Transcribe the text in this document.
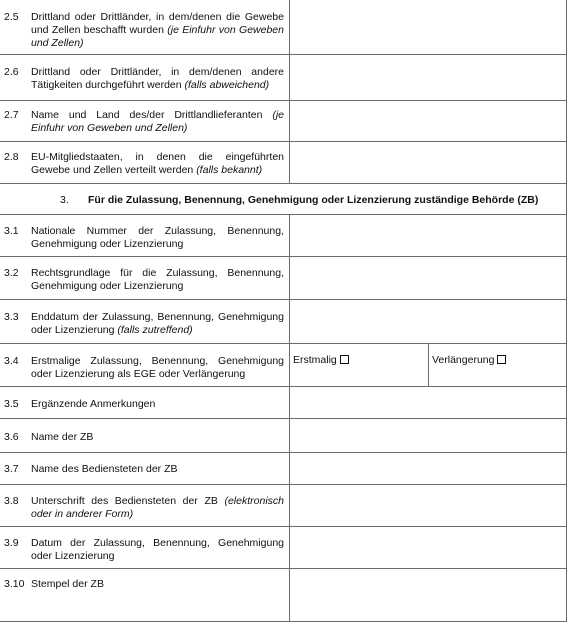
2.5 Drittland oder Drittländer, in dem/denen die Gewebe und Zellen beschafft wurden (je Einfuhr von Geweben und Zellen)
2.6 Drittland oder Drittländer, in dem/denen andere Tätigkeiten durchgeführt werden (falls abweichend)
2.7 Name und Land des/der Drittlandlieferanten (je Einfuhr von Geweben und Zellen)
2.8 EU-Mitgliedstaaten, in denen die eingeführten Gewebe und Zellen verteilt werden (falls bekannt)
3. Für die Zulassung, Benennung, Genehmigung oder Lizenzierung zuständige Behörde (ZB)
3.1 Nationale Nummer der Zulassung, Benennung, Genehmigung oder Lizenzierung
3.2 Rechtsgrundlage für die Zulassung, Benennung, Genehmigung oder Lizenzierung
3.3 Enddatum der Zulassung, Benennung, Genehmigung oder Lizenzierung (falls zutreffend)
3.4 Erstmalige Zulassung, Benennung, Genehmigung oder Lizenzierung als EGE oder Verlängerung
Erstmalig	Verlängerung
3.5 Ergänzende Anmerkungen
3.6 Name der ZB
3.7 Name des Bediensteten der ZB
3.8 Unterschrift des Bediensteten der ZB (elektronisch oder in anderer Form)
3.9 Datum der Zulassung, Benennung, Genehmigung oder Lizenzierung
3.10 Stempel der ZB
